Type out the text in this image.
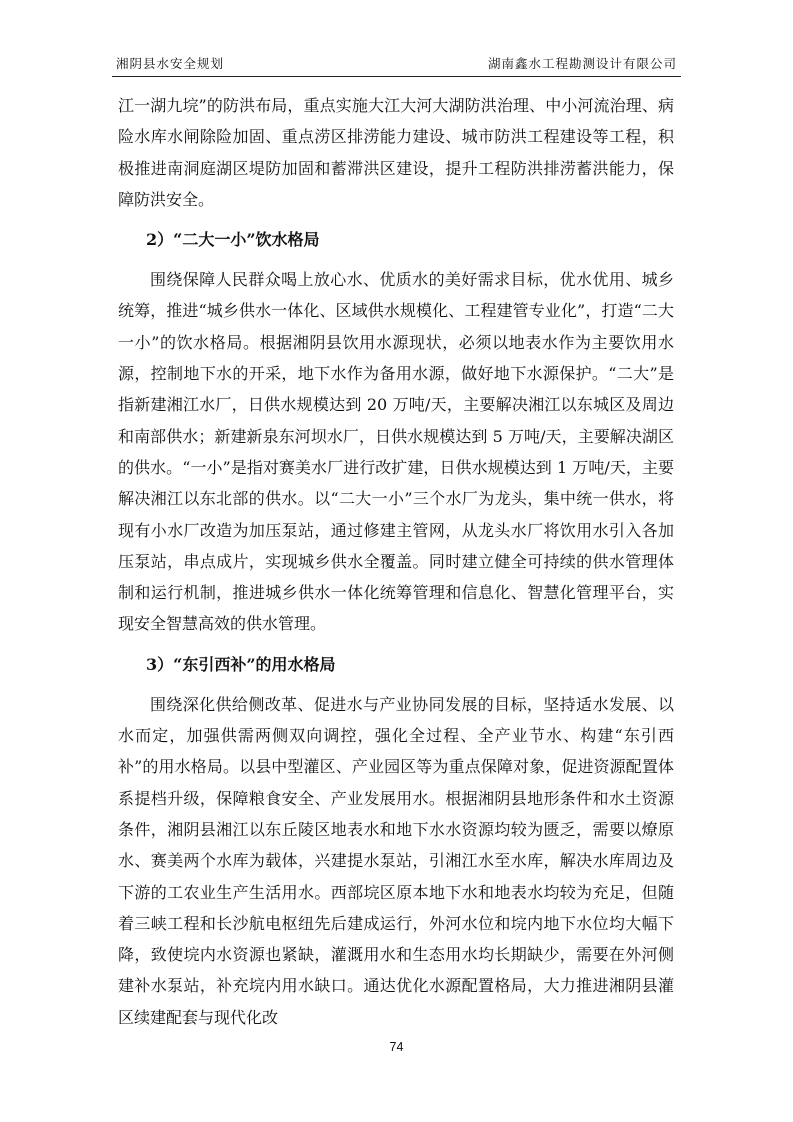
湘阴县水安全规划	湖南鑫水工程勘测设计有限公司

江一湖九垸”的防洪布局，重点实施大江大河大湖防洪治理、中小河流治理、病险水库水闸除险加固、重点涝区排涝能力建设、城市防洪工程建设等工程，积极推进南洞庭湖区堤防加固和蓄滞洪区建设，提升工程防洪排涝蓄洪能力，保障防洪安全。

2）“二大一小”饮水格局

围绕保障人民群众喝上放心水、优质水的美好需求目标，优水优用、城乡统筹，推进“城乡供水一体化、区域供水规模化、工程建管专业化”，打造“二大一小”的饮水格局。根据湘阴县饮用水源现状，必须以地表水作为主要饮用水源，控制地下水的开采，地下水作为备用水源，做好地下水源保护。“二大”是指新建湘江水厂，日供水规模达到 20 万吨/天，主要解决湘江以东城区及周边和南部供水；新建新泉东河坝水厂，日供水规模达到 5 万吨/天，主要解决湖区的供水。“一小”是指对赛美水厂进行改扩建，日供水规模达到 1 万吨/天，主要解决湘江以东北部的供水。以“二大一小”三个水厂为龙头，集中统一供水，将现有小水厂改造为加压泵站，通过修建主管网，从龙头水厂将饮用水引入各加压泵站，串点成片，实现城乡供水全覆盖。同时建立健全可持续的供水管理体制和运行机制，推进城乡供水一体化统筹管理和信息化、智慧化管理平台，实现安全智慧高效的供水管理。

3）“东引西补”的用水格局

围绕深化供给侧改革、促进水与产业协同发展的目标，坚持适水发展、以水而定，加强供需两侧双向调控，强化全过程、全产业节水、构建“东引西补”的用水格局。以县中型灌区、产业园区等为重点保障对象，促进资源配置体系提档升级，保障粮食安全、产业发展用水。根据湘阴县地形条件和水土资源条件，湘阴县湘江以东丘陵区地表水和地下水水资源均较为匮乏，需要以燎原水、赛美两个水库为载体，兴建提水泵站，引湘江水至水库，解决水库周边及下游的工农业生产生活用水。西部垸区原本地下水和地表水均较为充足，但随着三峡工程和长沙航电枢纽先后建成运行，外河水位和垸内地下水位均大幅下降，致使垸内水资源也紧缺，灌溉用水和生态用水均长期缺少，需要在外河侧建补水泵站，补充垸内用水缺口。通达优化水源配置格局，大力推进湘阴县灌区续建配套与现代化改

74
